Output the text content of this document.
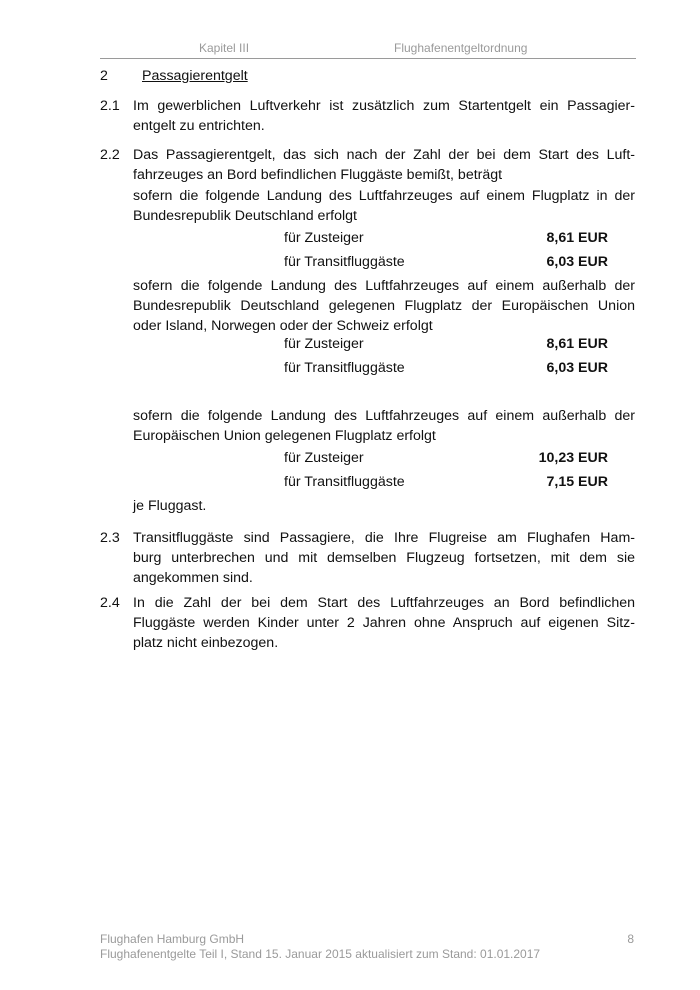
Kapitel III	Flughafenentgeltordnung
2 Passagierentgelt
2.1 Im gewerblichen Luftverkehr ist zusätzlich zum Startentgelt ein Passagier-
entgelt zu entrichten.
2.2 Das Passagierentgelt, das sich nach der Zahl der bei dem Start des Luft-
fahrzeuges an Bord befindlichen Fluggäste bemißt, beträgt
sofern die folgende Landung des Luftfahrzeuges auf einem Flugplatz in der
Bundesrepublik Deutschland erfolgt
für Zusteiger	8,61 EUR
für Transitfluggäste	6,03 EUR
sofern die folgende Landung des Luftfahrzeuges auf einem außerhalb der
Bundesrepublik Deutschland gelegenen Flugplatz der Europäischen Union
oder Island, Norwegen oder der Schweiz erfolgt
für Zusteiger	8,61 EUR
für Transitfluggäste	6,03 EUR
sofern die folgende Landung des Luftfahrzeuges auf einem außerhalb der
Europäischen Union gelegenen Flugplatz erfolgt
für Zusteiger	10,23 EUR
für Transitfluggäste	7,15 EUR
je Fluggast.
2.3 Transitfluggäste sind Passagiere, die Ihre Flugreise am Flughafen Ham-
burg unterbrechen und mit demselben Flugzeug fortsetzen, mit dem sie
angekommen sind.
2.4 In die Zahl der bei dem Start des Luftfahrzeuges an Bord befindlichen
Fluggäste werden Kinder unter 2 Jahren ohne Anspruch auf eigenen Sitz-
platz nicht einbezogen.
Flughafen Hamburg GmbH
Flughafenentgelte Teil I, Stand 15. Januar 2015 aktualisiert zum Stand: 01.01.2017
8
